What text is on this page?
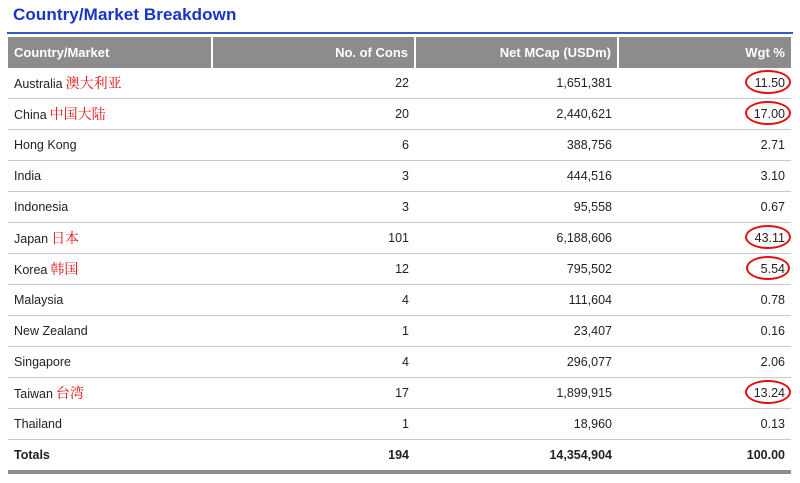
Country/Market Breakdown
Country/Market	No. of Cons	Net MCap (USDm)	Wgt %
Australia 澳大利亚	22	1,651,381	11.50

China 中国大陆	20	2,440,621	17.00

Hong Kong	6	388,756	2.71
India	3	444,516	3.10
Indonesia	3	95,558	0.67
Japan 日本	101	6,188,606	43.11

Korea 韩国	12	795,502	5.54

Malaysia	4	111,604	0.78
New Zealand	1	23,407	0.16
Singapore	4	296,077	2.06
Taiwan 台湾	17	1,899,915	13.24

Thailand	1	18,960	0.13
Totals	194	14,354,904	100.00
